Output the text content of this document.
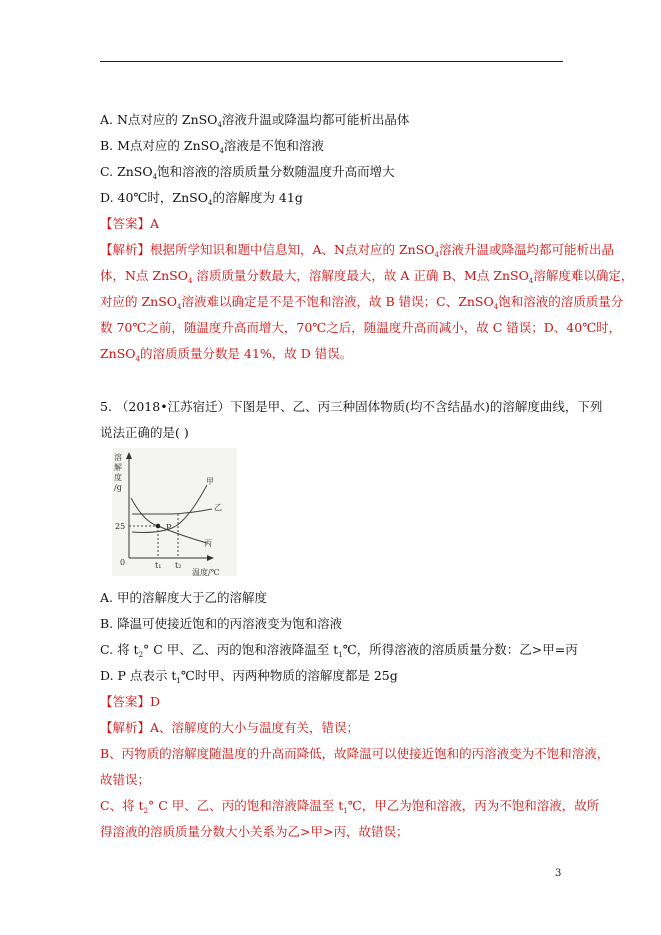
A. N点对应的 ZnSO$_4$溶液升温或降温均都可能析出晶体
B. M点对应的 ZnSO$_4$溶液是不饱和溶液
C. ZnSO$_4$饱和溶液的溶质质量分数随温度升高而增大
D. 40℃时，ZnSO$_4$的溶解度为 41g
【答案】A
【解析】根据所学知识和题中信息知，A、N点对应的 ZnSO$_4$溶液升温或降温均都可能析出晶
体，N点 ZnSO$_4$ 溶质质量分数最大，溶解度最大，故 A 正确 B、M点 ZnSO$_4$溶解度难以确定，
对应的 ZnSO$_4$溶液难以确定是不是不饱和溶液，故 B 错误；C、ZnSO$_4$饱和溶液的溶质质量分
数 70℃之前，随温度升高而增大，70℃之后，随温度升高而减小，故 C 错误；D、40℃时，
ZnSO$_4$的溶质质量分数是 41%，故 D 错误。
5. （2018•江苏宿迁）下图是甲、乙、丙三种固体物质(均不含结晶水)的溶解度曲线，下列
说法正确的是( )
A. 甲的溶解度大于乙的溶解度
B. 降温可使接近饱和的丙溶液变为饱和溶液
C. 将 $t_2^\circ$ C 甲、乙、丙的饱和溶液降温至 $t_1℃$，所得溶液的溶质质量分数：乙>甲=丙
D. P 点表示 $t_1℃$时甲、丙两种物质的溶解度都是 25g
【答案】D
【解析】A、溶解度的大小与温度有关，错误；
B、丙物质的溶解度随温度的升高而降低，故降温可以使接近饱和的丙溶液变为不饱和溶液，
故错误；
C、将 $t_2^\circ$ C 甲、乙、丙的饱和溶液降温至 $t_1℃$，甲乙为饱和溶液，丙为不饱和溶液，故所
得溶液的溶质质量分数大小关系为乙>甲>丙，故错误；
溶
解
度
/g
25
0	t₁ t₂
温度/℃
P
甲
乙
丙
3
